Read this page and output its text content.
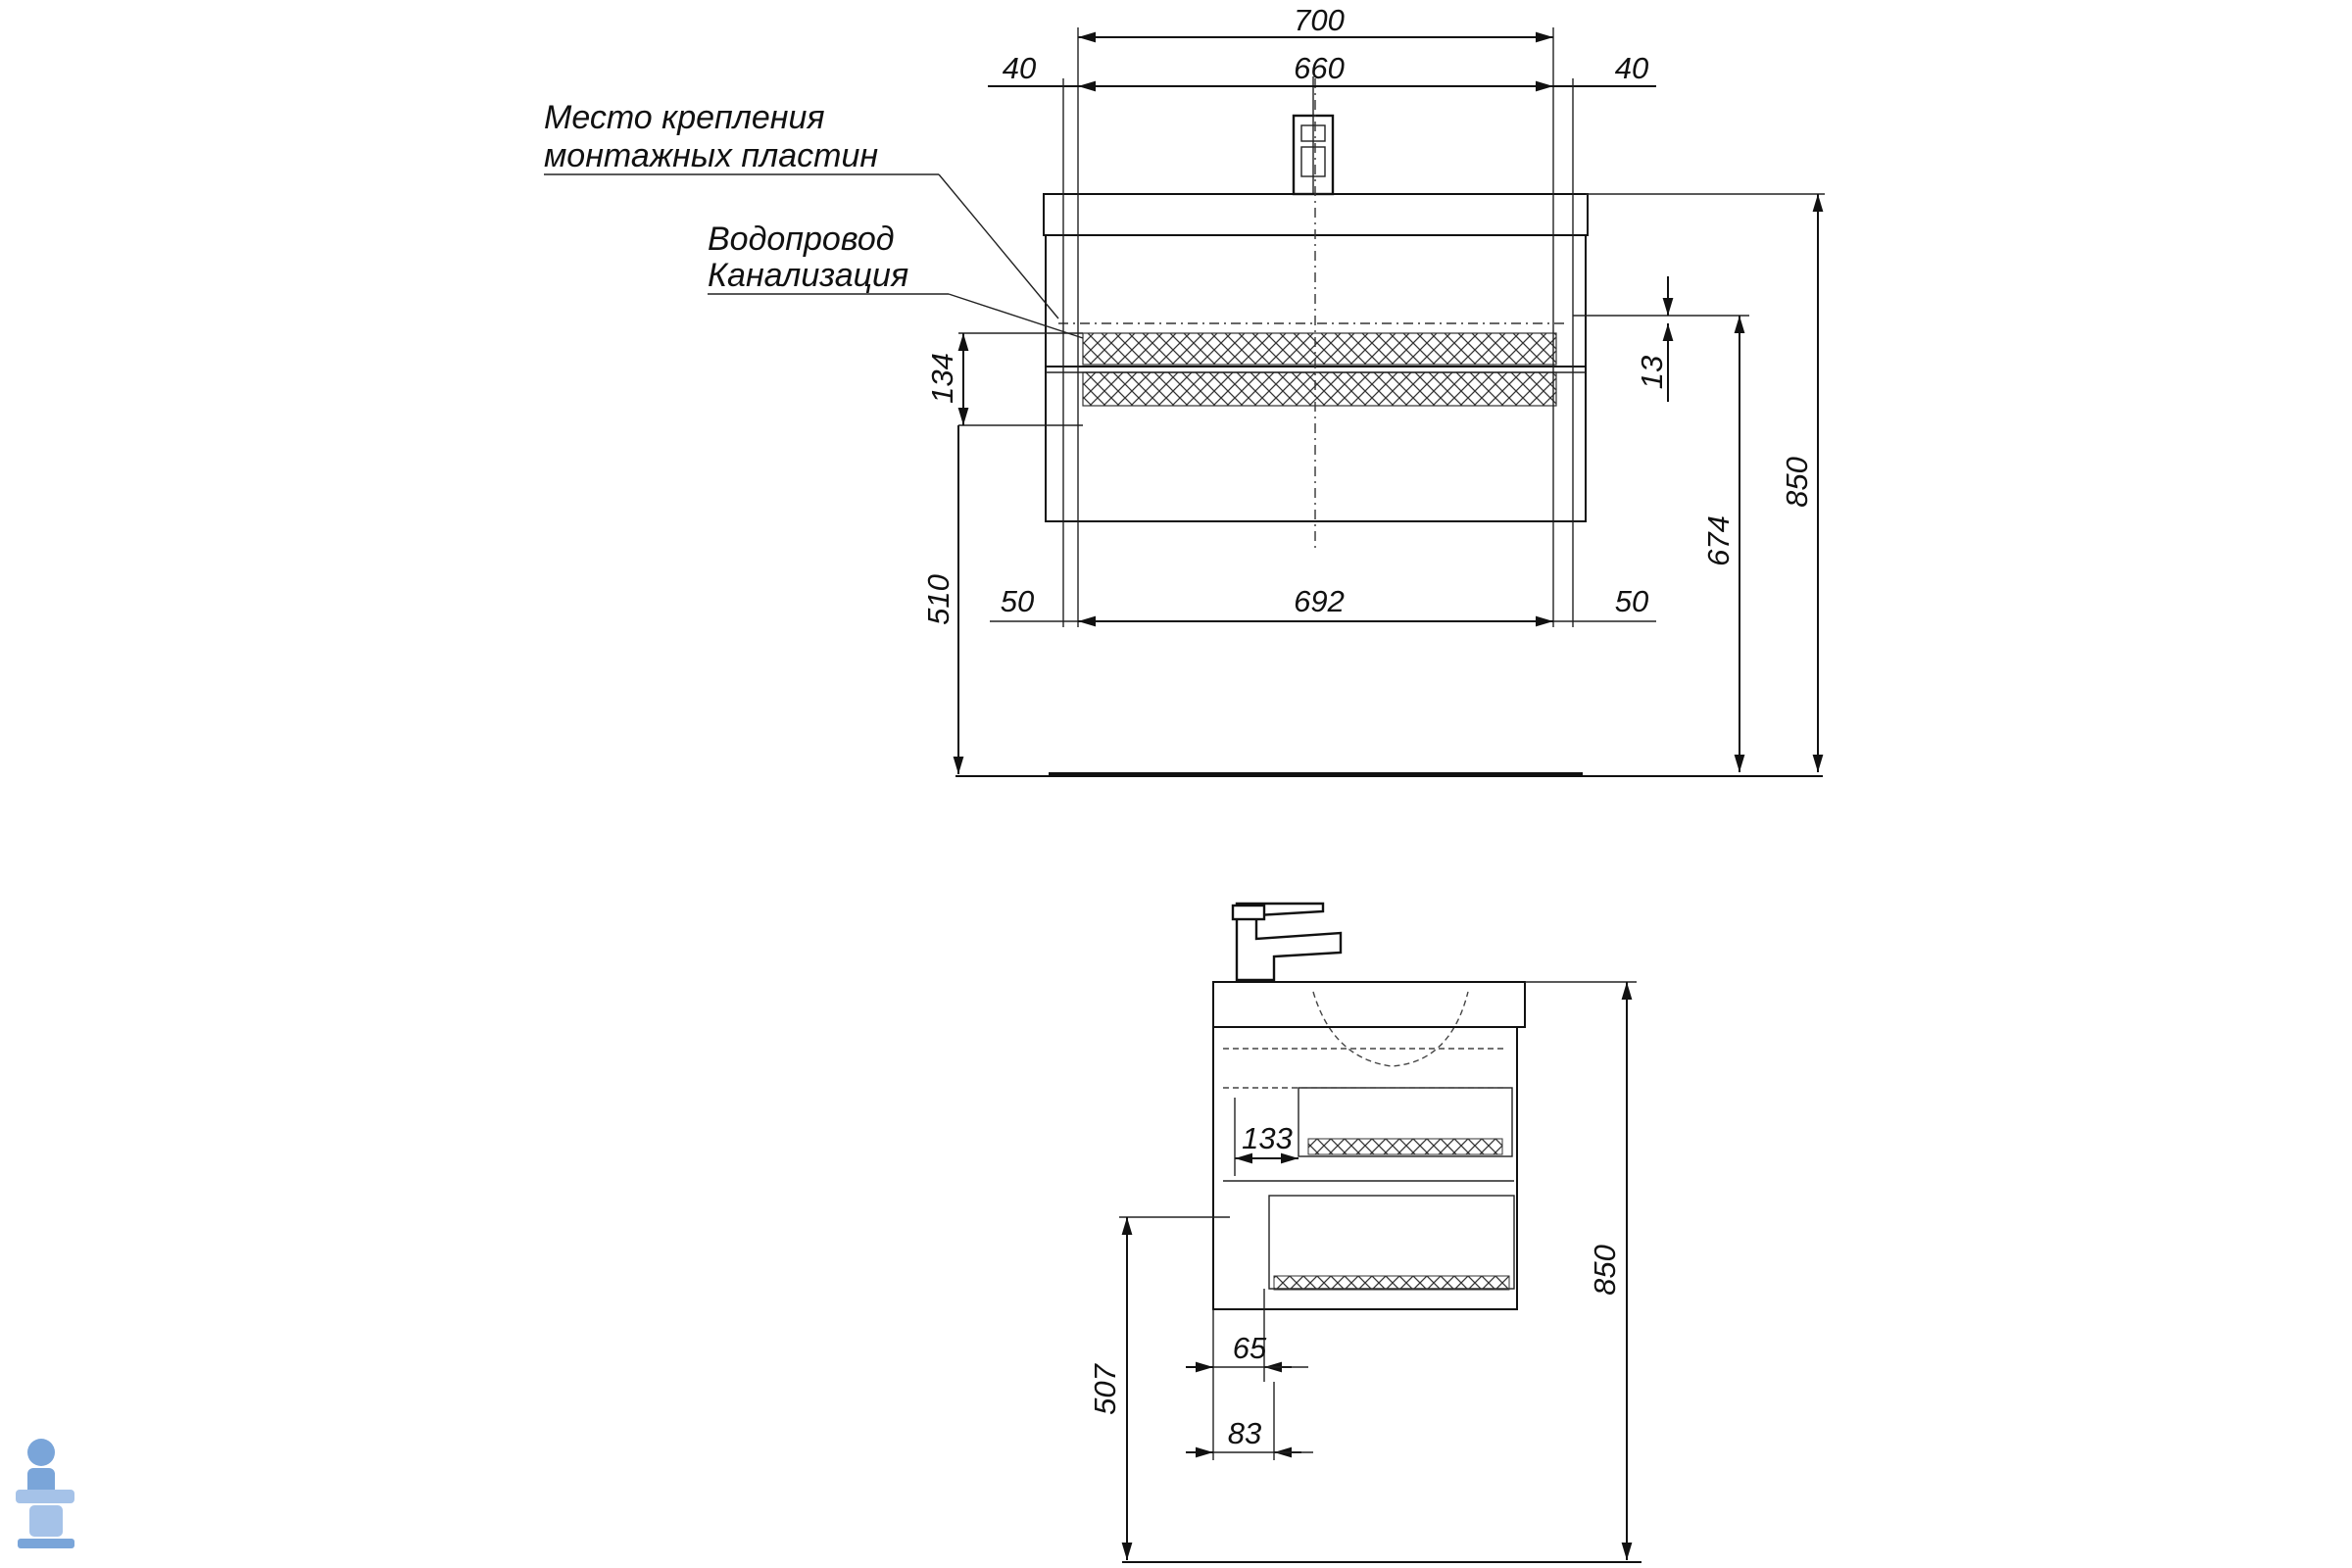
700
660
40	40
Место крепления
монтажных пластин
Водопровод
Канализация
134
510	692
50	50
13
674
850
133
850
507
65
83
